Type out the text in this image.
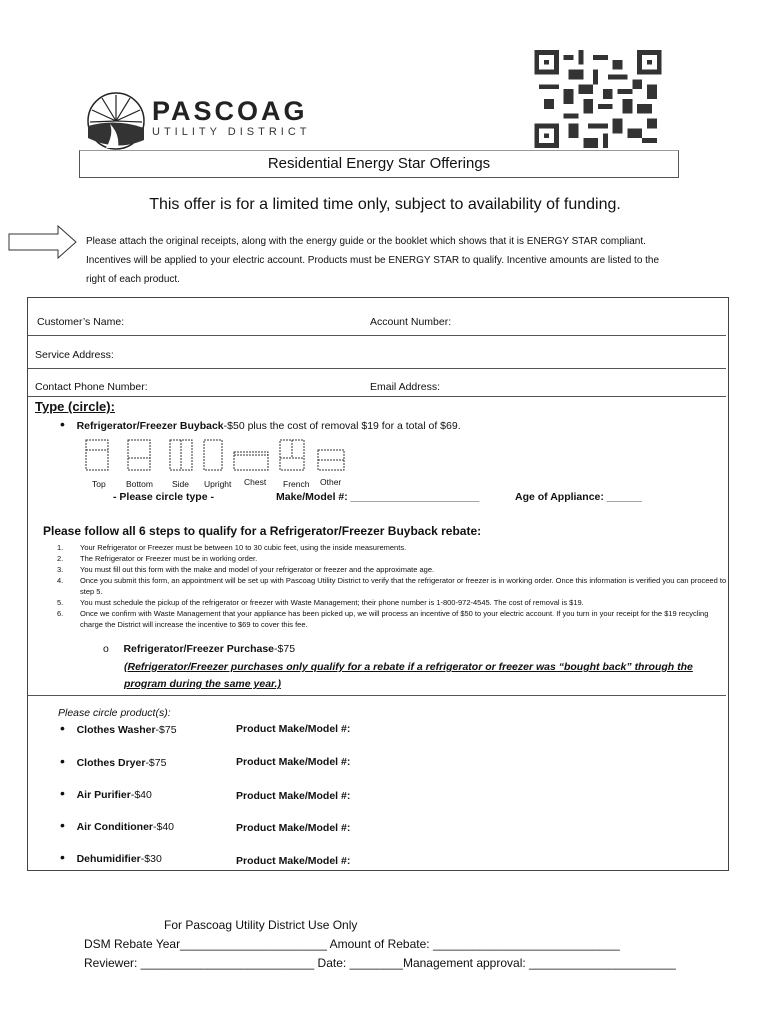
PASCOAG
UTILITY DISTRICT
Residential Energy Star Offerings
This offer is for a limited time only, subject to availability of funding.
Please attach the original receipts, along with the energy guide or the booklet which shows that it is ENERGY STAR compliant. Incentives will be applied to your electric account. Products must be ENERGY STAR to qualify. Incentive amounts are listed to the right of each product.
Customer’s Name:	Account Number:
Service Address:
Contact Phone Number:	Email Address:
Type (circle):
• Refrigerator/Freezer Buyback-$50 plus the cost of removal $19 for a total of $69.
Top Bottom Side Upright Chest French Other
- Please circle type -	Make/Model #: ______________________	Age of Appliance: ______
Please follow all 6 steps to qualify for a Refrigerator/Freezer Buyback rebate:
1.	Your Refrigerator or Freezer must be between 10 to 30 cubic feet, using the inside measurements.
2.	The Refrigerator or Freezer must be in working order.
3.	You must fill out this form with the make and model of your refrigerator or freezer and the approximate age.
4.	Once you submit this form, an appointment will be set up with Pascoag Utility District to verify that the refrigerator or freezer is in working order. Once this information is verified you can proceed to step 5.
5.	You must schedule the pickup of the refrigerator or freezer with Waste Management; their phone number is 1-800-972-4545. The cost of removal is $19.
6.	Once we confirm with Waste Management that your appliance has been picked up, we will process an incentive of $50 to your electric account. If you turn in your receipt for the $19 recycling charge the District will increase the incentive to $69 to cover this fee.
o Refrigerator/Freezer Purchase-$75
(Refrigerator/Freezer purchases only qualify for a rebate if a refrigerator or freezer was “bought back” through the program during the same year.)
Please circle product(s):
• Clothes Washer-$75	Product Make/Model #:
• Clothes Dryer-$75	Product Make/Model #:
• Air Purifier-$40	Product Make/Model #:
• Air Conditioner-$40	Product Make/Model #:
• Dehumidifier-$30	Product Make/Model #:
For Pascoag Utility District Use Only
DSM Rebate Year______________________ Amount of Rebate: ____________________________
Reviewer: __________________________ Date: ________Management approval: ______________________
